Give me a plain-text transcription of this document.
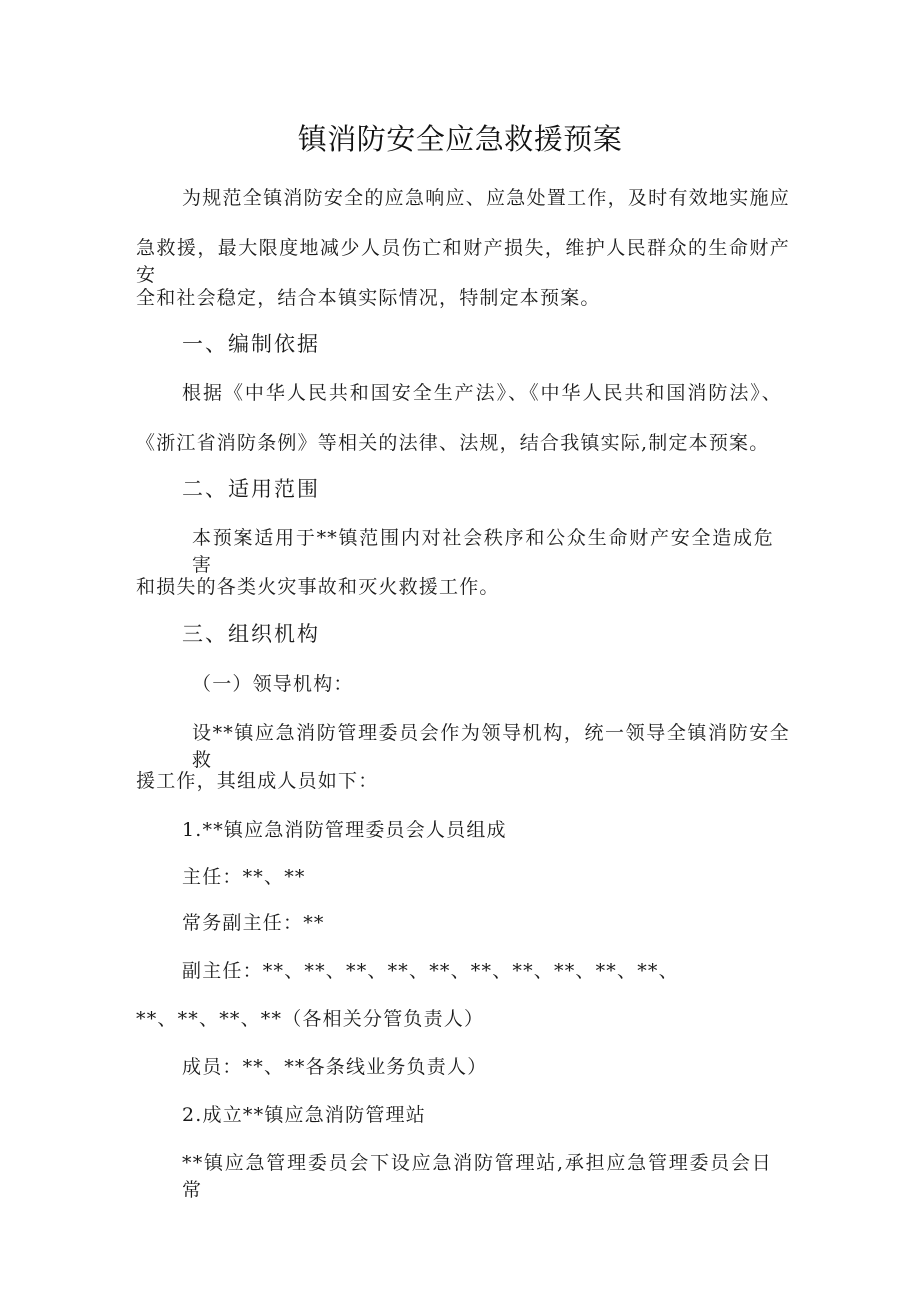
镇消防安全应急救援预案
为规范全镇消防安全的应急响应、应急处置工作，及时有效地实施应
急救援，最大限度地减少人员伤亡和财产损失，维护人民群众的生命财产安
全和社会稳定，结合本镇实际情况，特制定本预案。
一、编制依据
根据《中华人民共和国安全生产法》、《中华人民共和国消防法》、
《浙江省消防条例》等相关的法律、法规，结合我镇实际,制定本预案。
二、适用范围
本预案适用于**镇范围内对社会秩序和公众生命财产安全造成危害
和损失的各类火灾事故和灭火救援工作。
三、组织机构
（一）领导机构：
设**镇应急消防管理委员会作为领导机构，统一领导全镇消防安全救
援工作，其组成人员如下：
1.**镇应急消防管理委员会人员组成
主任：**、**
常务副主任：**
副主任：**、**、**、**、**、**、**、**、**、**、
**、**、**、**（各相关分管负责人）
成员：**、**各条线业务负责人）
2.成立**镇应急消防管理站
**镇应急管理委员会下设应急消防管理站,承担应急管理委员会日常
